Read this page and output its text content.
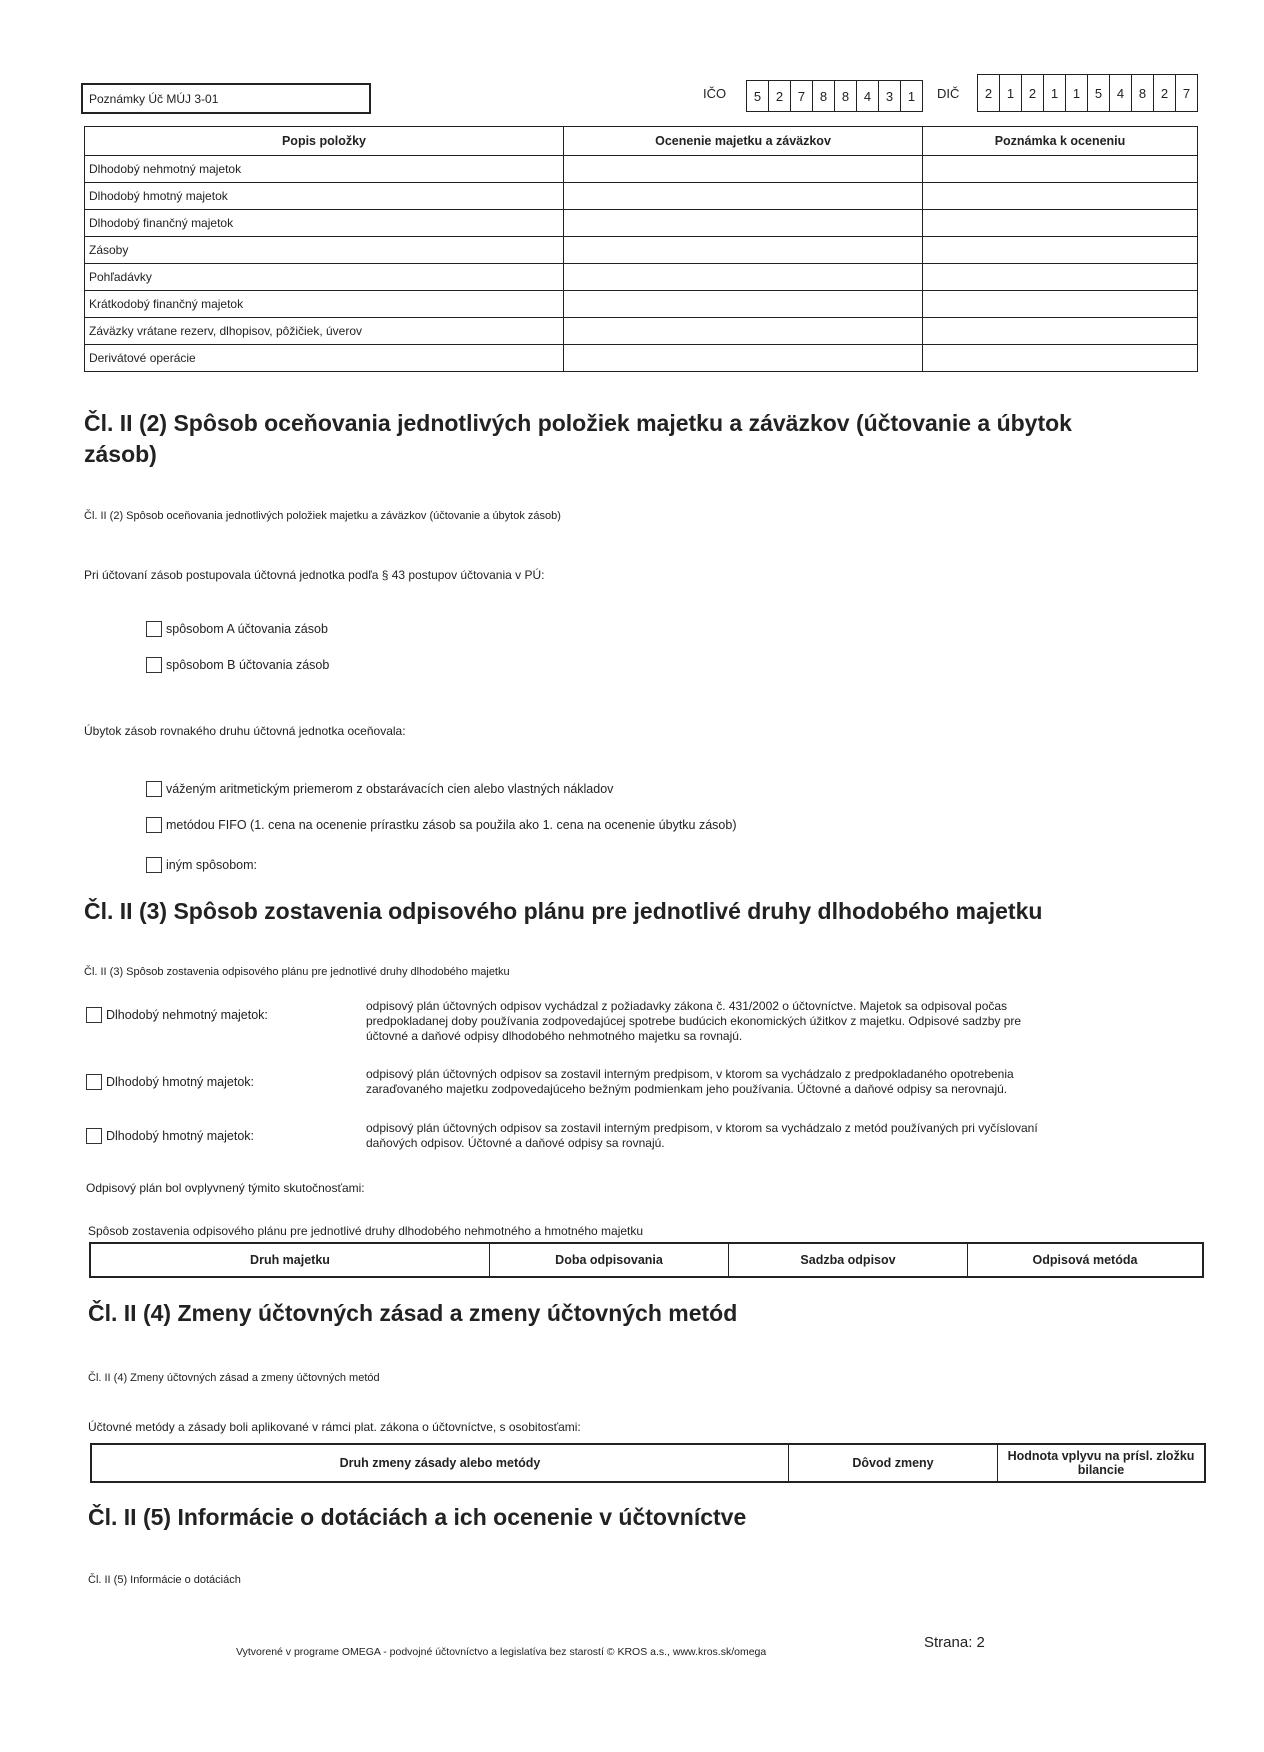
Poznámky Úč MÚJ 3-01	IČO	5	2	7	8	8	4	3	1	DIČ	2	1	2	1	1	5	4	8	2	7
Popis položky	Ocenenie majetku a záväzkov	Poznámka k oceneniu
Dlhodobý nehmotný majetok		
Dlhodobý hmotný majetok		
Dlhodobý finančný majetok		
Zásoby		
Pohľadávky		
Krátkodobý finančný majetok		
Záväzky vrátane rezerv, dlhopisov, pôžičiek, úverov		
Derivátové operácie		
Čl. II (2) Spôsob oceňovania jednotlivých položiek majetku a záväzkov (účtovanie a úbytok zásob)
Čl. II (2) Spôsob oceňovania jednotlivých položiek majetku a záväzkov (účtovanie a úbytok zásob)
Pri účtovaní zásob postupovala účtovná jednotka podľa § 43 postupov účtovania v PÚ:
spôsobom A účtovania zásob
spôsobom B účtovania zásob
Úbytok zásob rovnakého druhu účtovná jednotka oceňovala:
váženým aritmetickým priemerom z obstarávacích cien alebo vlastných nákladov
metódou FIFO (1. cena na ocenenie prírastku zásob sa použila ako 1. cena na ocenenie úbytku zásob)
iným spôsobom:
Čl. II (3) Spôsob zostavenia odpisového plánu pre jednotlivé druhy dlhodobého majetku
Čl. II (3) Spôsob zostavenia odpisového plánu pre jednotlivé druhy dlhodobého majetku
Dlhodobý nehmotný majetok:
odpisový plán účtovných odpisov vychádzal z požiadavky zákona č. 431/2002 o účtovníctve. Majetok sa odpisoval počas
predpokladanej doby používania zodpovedajúcej spotrebe budúcich ekonomických úžitkov z majetku. Odpisové sadzby pre
účtovné a daňové odpisy dlhodobého nehmotného majetku sa rovnajú.
Dlhodobý hmotný majetok:
odpisový plán účtovných odpisov sa zostavil interným predpisom, v ktorom sa vychádzalo z predpokladaného opotrebenia
zaraďovaného majetku zodpovedajúceho bežným podmienkam jeho používania. Účtovné a daňové odpisy sa nerovnajú.
Dlhodobý hmotný majetok:
odpisový plán účtovných odpisov sa zostavil interným predpisom, v ktorom sa vychádzalo z metód používaných pri vyčíslovaní
daňových odpisov. Účtovné a daňové odpisy sa rovnajú.
Odpisový plán bol ovplyvnený týmito skutočnosťami:
Spôsob zostavenia odpisového plánu pre jednotlivé druhy dlhodobého nehmotného a hmotného majetku
Druh majetku	Doba odpisovania	Sadzba odpisov	Odpisová metóda
Čl. II (4) Zmeny účtovných zásad a zmeny účtovných metód
Čl. II (4) Zmeny účtovných zásad a zmeny účtovných metód
Účtovné metódy a zásady boli aplikované v rámci plat. zákona o účtovníctve, s osobitosťami:
Druh zmeny zásady alebo metódy	Dôvod zmeny	Hodnota vplyvu na prísl. zložku bilancie
Čl. II (5) Informácie o dotáciách a ich ocenenie v účtovníctve
Čl. II (5) Informácie o dotáciách
Vytvorené v programe OMEGA - podvojné účtovníctvo a legislatíva bez starostí © KROS a.s., www.kros.sk/omega
Strana: 2
